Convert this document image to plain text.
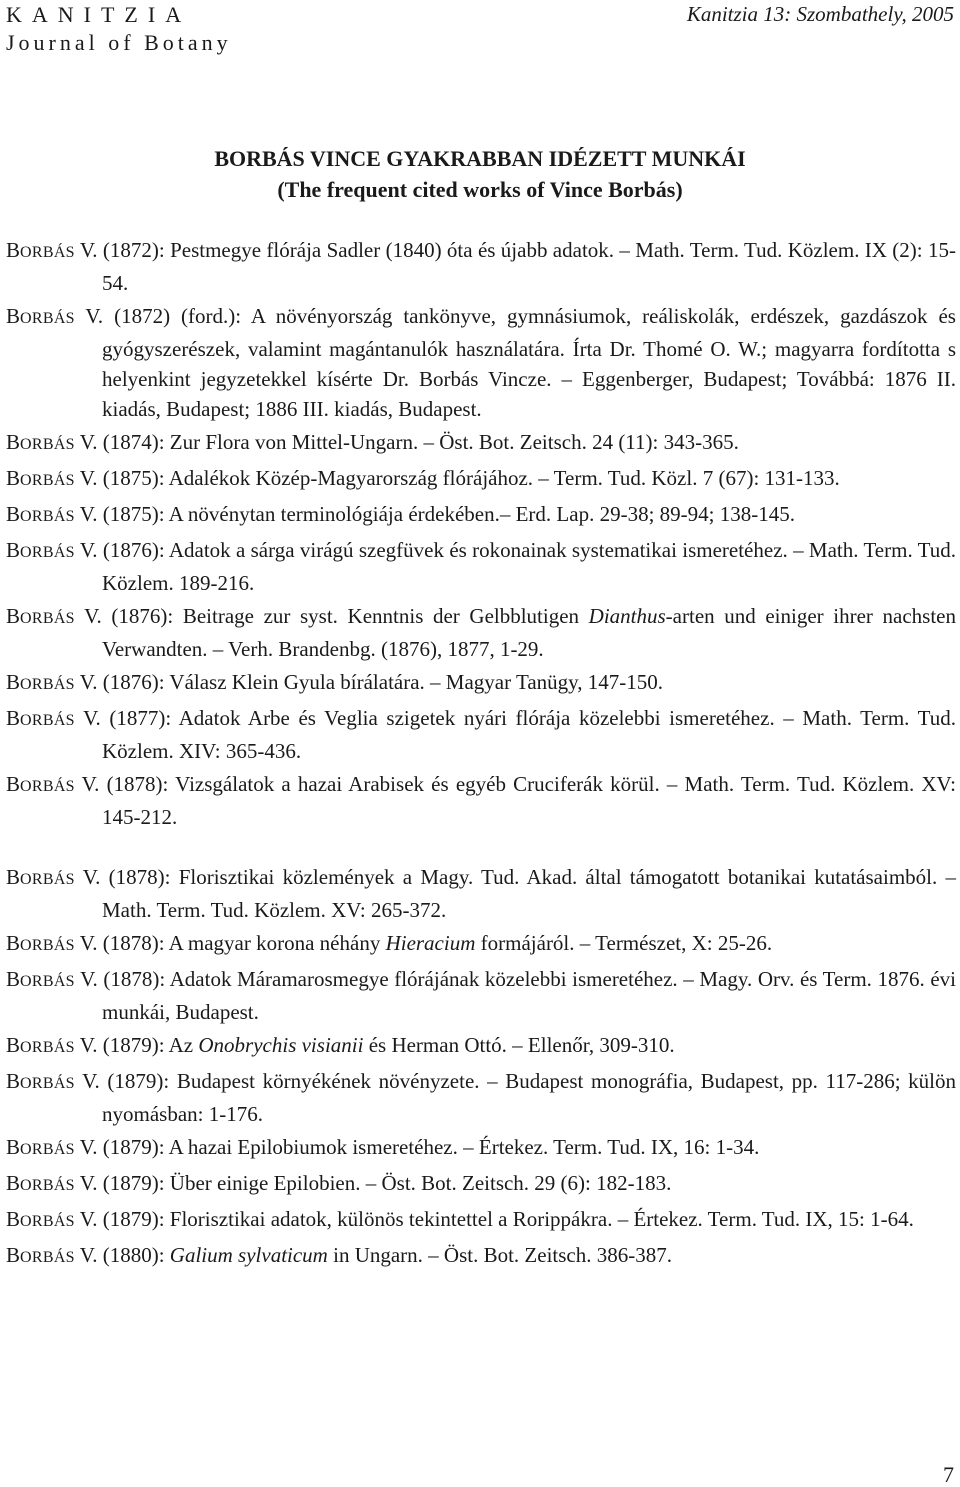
KANITZIA
Journal of Botany
Kanitzia 13: Szombathely, 2005
BORBÁS VINCE GYAKRABBAN IDÉZETT MUNKÁI
(The frequent cited works of Vince Borbás)

BORBÁS V. (1872): Pestmegye flórája Sadler (1840) óta és újabb adatok. – Math. Term. Tud. Közlem. IX (2): 15-54.

BORBÁS V. (1872) (ford.): A növényország tankönyve, gymnásiumok, reáliskolák, erdészek, gazdászok és gyógyszerészek, valamint magántanulók használatára. Írta Dr. Thomé O. W.; magyarra fordította s helyenkint jegyzetekkel kísérte Dr. Borbás Vincze. – Eggenberger, Budapest; Továbbá: 1876 II. kiadás, Budapest; 1886 III. kiadás, Budapest.

BORBÁS V. (1874): Zur Flora von Mittel-Ungarn. – Öst. Bot. Zeitsch. 24 (11): 343-365.

BORBÁS V. (1875): Adalékok Közép-Magyarország flórájához. – Term. Tud. Közl. 7 (67): 131-133.

BORBÁS V. (1875): A növénytan terminológiája érdekében.– Erd. Lap. 29-38; 89-94; 138-145.

BORBÁS V. (1876): Adatok a sárga virágú szegfüvek és rokonainak systematikai ismeretéhez. – Math. Term. Tud. Közlem. 189-216.

BORBÁS V. (1876): Beitrage zur syst. Kenntnis der Gelbblutigen Dianthus-arten und einiger ihrer nachsten Verwandten. – Verh. Brandenbg. (1876), 1877, 1-29.

BORBÁS V. (1876): Válasz Klein Gyula bírálatára. – Magyar Tanügy, 147-150.

BORBÁS V. (1877): Adatok Arbe és Veglia szigetek nyári flórája közelebbi ismeretéhez. – Math. Term. Tud. Közlem. XIV: 365-436.

BORBÁS V. (1878): Vizsgálatok a hazai Arabisek és egyéb Cruciferák körül. – Math. Term. Tud. Közlem. XV: 145-212.

BORBÁS V. (1878): Florisztikai közlemények a Magy. Tud. Akad. által támogatott botanikai kutatásaimból. – Math. Term. Tud. Közlem. XV: 265-372.

BORBÁS V. (1878): A magyar korona néhány Hieracium formájáról. – Természet, X: 25-26.

BORBÁS V. (1878): Adatok Máramarosmegye flórájának közelebbi ismeretéhez. – Magy. Orv. és Term. 1876. évi munkái, Budapest.

BORBÁS V. (1879): Az Onobrychis visianii és Herman Ottó. – Ellenőr, 309-310.

BORBÁS V. (1879): Budapest környékének növényzete. – Budapest monográfia, Budapest, pp. 117-286; külön nyomásban: 1-176.

BORBÁS V. (1879): A hazai Epilobiumok ismeretéhez. – Értekez. Term. Tud. IX, 16: 1-34.

BORBÁS V. (1879): Über einige Epilobien. – Öst. Bot. Zeitsch. 29 (6): 182-183.

BORBÁS V. (1879): Florisztikai adatok, különös tekintettel a Rorippákra. – Értekez. Term. Tud. IX, 15: 1-64.

BORBÁS V. (1880): Galium sylvaticum in Ungarn. – Öst. Bot. Zeitsch. 386-387.

7
